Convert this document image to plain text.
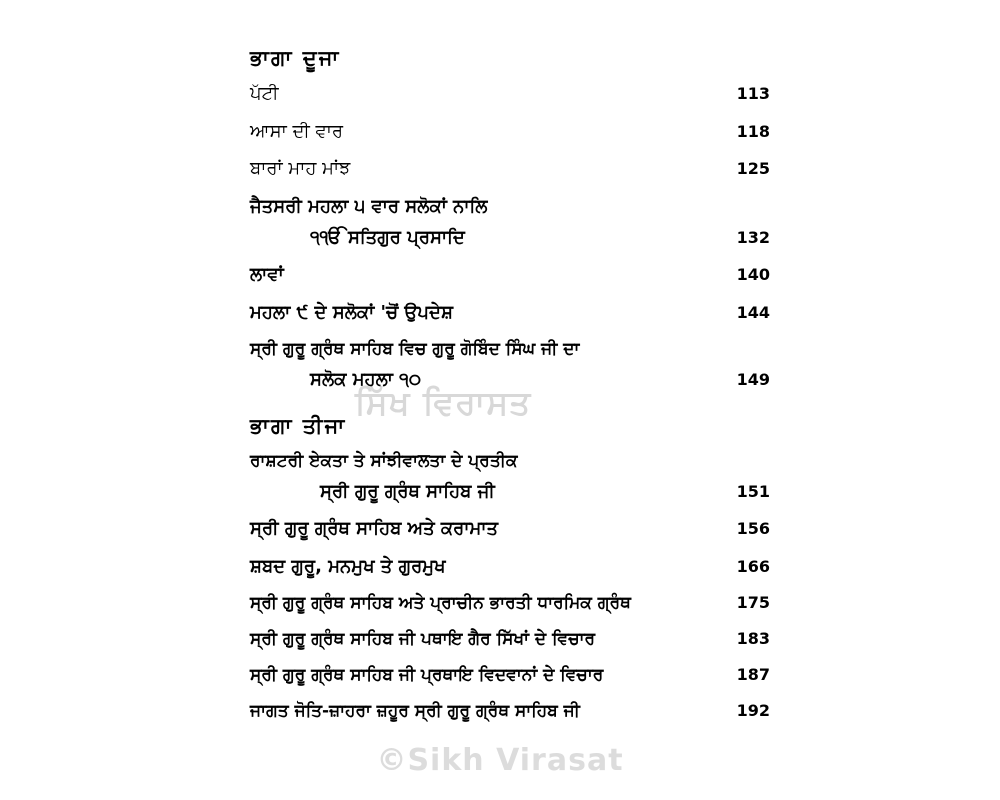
ਸਿੱਖ ਵਿਰਾਸਤ
ਭਾਗਾ ਦੂਜਾ
ਪੱਟੀ	113
ਆਸਾ ਦੀ ਵਾਰ	118
ਬਾਰਾਂ ਮਾਹ ਮਾਂਝ	125
ਜੈਤਸਰੀ ਮਹਲਾ ੫ ਵਾਰ ਸਲੋਕਾਂ ਨਾਲਿ
੧ੴ ਸਤਿਗੁਰ ਪ੍ਰਸਾਦਿ	132
ਲਾਵਾਂ	140
ਮਹਲਾ ੯ ਦੇ ਸਲੋਕਾਂ 'ਚੋਂ ਉਪਦੇਸ਼	144
ਸ੍ਰੀ ਗੁਰੂ ਗ੍ਰੰਥ ਸਾਹਿਬ ਵਿਚ ਗੁਰੂ ਗੋਬਿੰਦ ਸਿੰਘ ਜੀ ਦਾ
ਸਲੋਕ ਮਹਲਾ ੧੦	149
ਭਾਗਾ ਤੀਜਾ
ਰਾਸ਼ਟਰੀ ਏਕਤਾ ਤੇ ਸਾਂਝੀਵਾਲਤਾ ਦੇ ਪ੍ਰਤੀਕ
ਸ੍ਰੀ ਗੁਰੂ ਗ੍ਰੰਥ ਸਾਹਿਬ ਜੀ	151
ਸ੍ਰੀ ਗੁਰੂ ਗ੍ਰੰਥ ਸਾਹਿਬ ਅਤੇ ਕਰਾਮਾਤ	156
ਸ਼ਬਦ ਗੁਰੂ, ਮਨਮੁਖ ਤੇ ਗੁਰਮੁਖ	166
ਸ੍ਰੀ ਗੁਰੂ ਗ੍ਰੰਥ ਸਾਹਿਬ ਅਤੇ ਪ੍ਰਾਚੀਨ ਭਾਰਤੀ ਧਾਰਮਿਕ ਗ੍ਰੰਥ	175
ਸ੍ਰੀ ਗੁਰੂ ਗ੍ਰੰਥ ਸਾਹਿਬ ਜੀ ਪਥਾਇ ਗੈਰ ਸਿੱਖਾਂ ਦੇ ਵਿਚਾਰ	183
ਸ੍ਰੀ ਗੁਰੂ ਗ੍ਰੰਥ ਸਾਹਿਬ ਜੀ ਪ੍ਰਥਾਇ ਵਿਦਵਾਨਾਂ ਦੇ ਵਿਚਾਰ	187
ਜਾਗਤ ਜੋਤਿ-ਜ਼ਾਹਰਾ ਜ਼ਹੂਰ ਸ੍ਰੀ ਗੁਰੂ ਗ੍ਰੰਥ ਸਾਹਿਬ ਜੀ	192
©Sikh Virasat
